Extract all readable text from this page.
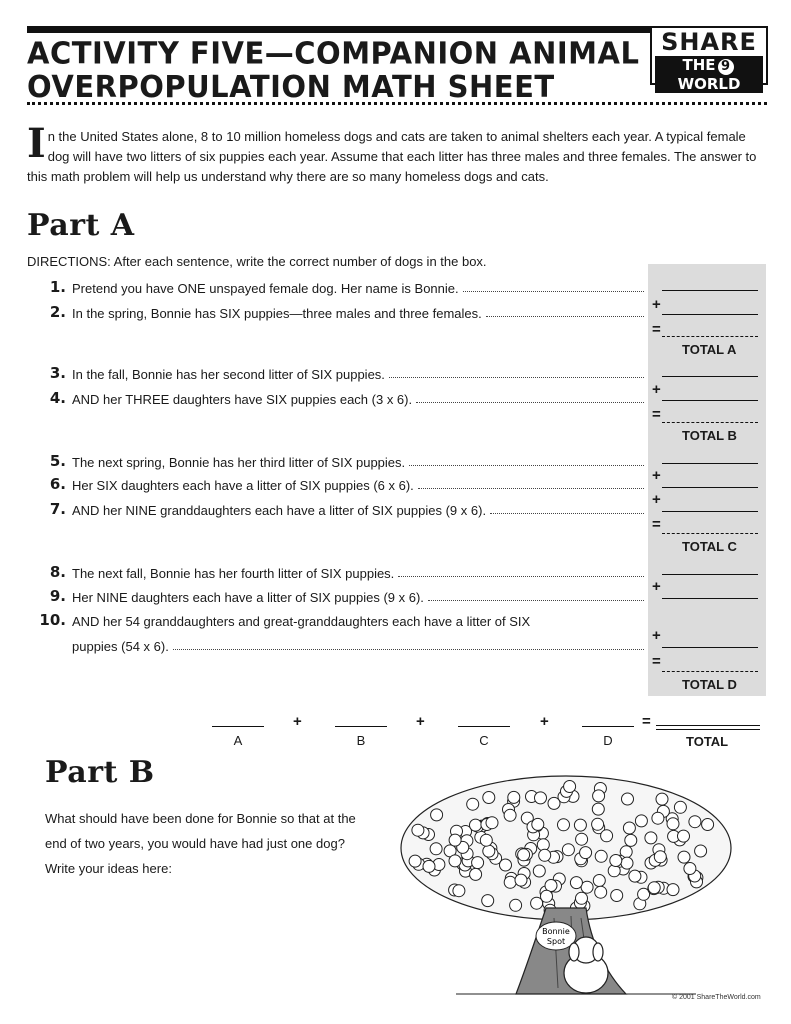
ACTIVITY FIVE—COMPANION ANIMAL
OVERPOPULATION MATH SHEET
SHARE
THE 9WORLD
In the United States alone, 8 to 10 million homeless dogs and cats are taken to animal shelters each year. A typical female dog will have two litters of six puppies each year. Assume that each litter has three males and three females. The answer to this math problem will help us understand why there are so many homeless dogs and cats.
Part A
DIRECTIONS: After each sentence, write the correct number of dogs in the box.
1. Pretend you have ONE unspayed female dog. Her name is Bonnie.
2. In the spring, Bonnie has SIX puppies—three males and three females.
3. In the fall, Bonnie has her second litter of SIX puppies.
4. AND her THREE daughters have SIX puppies each (3 x 6).
5. The next spring, Bonnie has her third litter of SIX puppies.
6. Her SIX daughters each have a litter of SIX puppies (6 x 6).
7. AND her NINE granddaughters each have a litter of SIX puppies (9 x 6).
8. The next fall, Bonnie has her fourth litter of SIX puppies.
9. Her NINE daughters each have a litter of SIX puppies (9 x 6).
10. AND her 54 granddaughters and great-granddaughters each have a litter of SIX
puppies (54 x 6).
+
=
TOTAL A
+
=
TOTAL B
+
+
=
TOTAL C
+
+
=
TOTAL D
A
+
B
+
C
+
D
=
TOTAL
Part B
What should have been done for Bonnie so that at the end of two years, you would have had just one dog? Write your ideas here:
Bonnie
Spot
© 2001 ShareTheWorld.com
